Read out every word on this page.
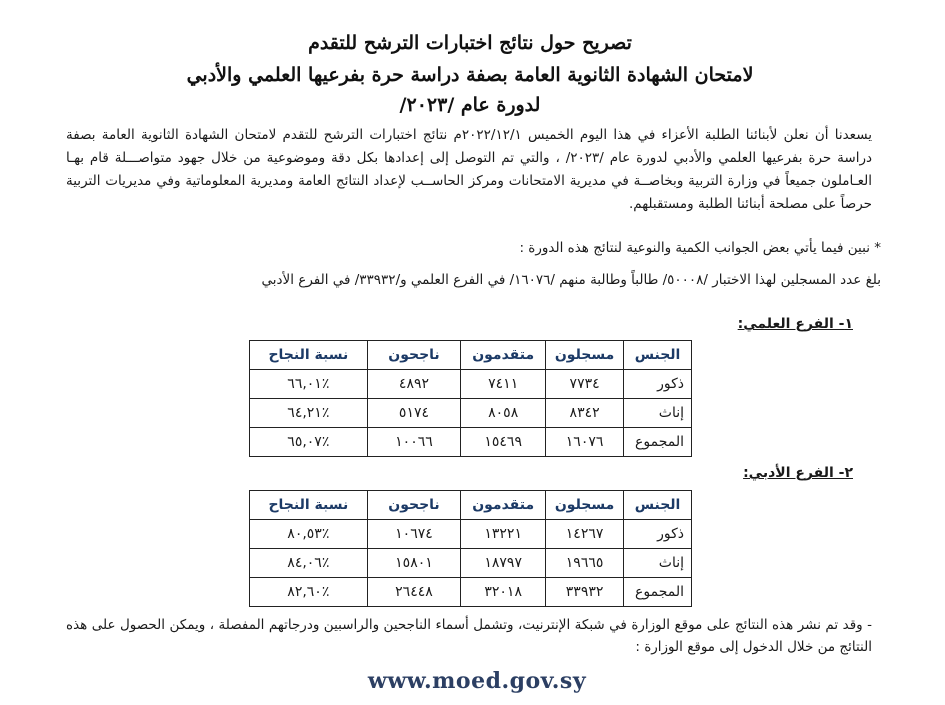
تصريح حول نتائج اختبارات الترشح للتقدم
لامتحان الشهادة الثانوية العامة بصفة دراسة حرة بفرعيها العلمي والأدبي
لدورة عام /٢٠٢٣/
يسعدنا أن نعلن لأبنائنا الطلبة الأعزاء في هذا اليوم الخميس ٢٠٢٢/١٢/١م نتائج اختبارات الترشح للتقدم لامتحان الشهادة الثانوية العامة بصفة دراسة حرة بفرعيها العلمي والأدبي لدورة عام /٢٠٢٣/ ، والتي تم التوصل إلى إعدادها بكل دقة وموضوعية من خلال جهود متواصـــلة قام بهـا العـاملون جميعاً في وزارة التربية وبخاصــة في مديرية الامتحانات ومركز الحاســب لإعداد النتائج العامة ومديرية المعلوماتية وفي مديريات التربية حرصاً على مصلحة أبنائنا الطلبة ومستقبلهم.
* نبين فيما يأتي بعض الجوانب الكمية والنوعية لنتائج هذه الدورة :
بلغ عدد المسجلين لهذا الاختبار /٥٠٠٠٨/ طالباً وطالبة منهم /١٦٠٧٦/ في الفرع العلمي و/٣٣٩٣٢/ في الفرع الأدبي
١- الفرع العلمي:
الجنس	مسجلون	متقدمون	ناجحون	نسبة النجاح
ذكور	٧٧٣٤	٧٤١١	٤٨٩٢	٪٦٦,٠١
إناث	٨٣٤٢	٨٠٥٨	٥١٧٤	٪٦٤,٢١
المجموع	١٦٠٧٦	١٥٤٦٩	١٠٠٦٦	٪٦٥,٠٧
٢- الفرع الأدبي:
الجنس	مسجلون	متقدمون	ناجحون	نسبة النجاح
ذكور	١٤٢٦٧	١٣٢٢١	١٠٦٧٤	٪٨٠,٥٣
إناث	١٩٦٦٥	١٨٧٩٧	١٥٨٠١	٪٨٤,٠٦
المجموع	٣٣٩٣٢	٣٢٠١٨	٢٦٤٤٨	٪٨٢,٦٠
- وقد تم نشر هذه النتائج على موقع الوزارة في شبكة الإنترنيت، وتشمل أسماء الناجحين والراسبين ودرجاتهم المفصلة ، ويمكن الحصول على هذه النتائج من خلال الدخول إلى موقع الوزارة :
www.moed.gov.sy
